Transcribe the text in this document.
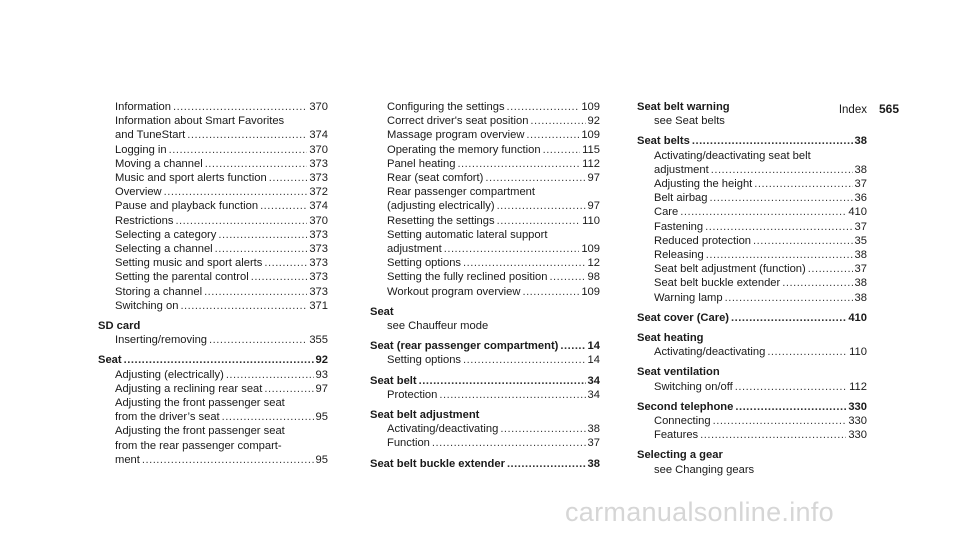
Index 565
Information .....	370
Information about Smart Favorites
and TuneStart .....	374
Logging in .....	370
Moving a channel .....	373
Music and sport alerts function .....	373
Overview .....	372
Pause and playback function .....	374
Restrictions .....	370
Selecting a category .....	373
Selecting a channel .....	373
Setting music and sport alerts .....	373
Setting the parental control .....	373
Storing a channel .....	373
Switching on .....	371
SD card
Inserting/removing .....	355
Seat .....	92
Adjusting (electrically) .....	93
Adjusting a reclining rear seat .....	97
Adjusting the front passenger seat
from the driver’s seat .....	95
Adjusting the front passenger seat
from the rear passenger compart-
ment .....	95
Configuring the settings .....	109
Correct driver's seat position .....	92
Massage program overview .....	109
Operating the memory function .....	115
Panel heating .....	112
Rear (seat comfort) .....	97
Rear passenger compartment
(adjusting electrically) .....	97
Resetting the settings .....	110
Setting automatic lateral support
adjustment .....	109
Setting options .....	12
Setting the fully reclined position .....	98
Workout program overview .....	109
Seat
see Chauffeur mode
Seat (rear passenger compartment) .....	14
Setting options .....	14
Seat belt .....	34
Protection .....	34
Seat belt adjustment
Activating/deactivating .....	38
Function .....	37
Seat belt buckle extender .....	38
Seat belt warning
see Seat belts
Seat belts .....	38
Activating/deactivating seat belt
adjustment .....	38
Adjusting the height .....	37
Belt airbag .....	36
Care .....	410
Fastening .....	37
Reduced protection .....	35
Releasing .....	38
Seat belt adjustment (function) .....	37
Seat belt buckle extender .....	38
Warning lamp .....	38
Seat cover (Care) .....	410
Seat heating
Activating/deactivating .....	110
Seat ventilation
Switching on/off .....	112
Second telephone .....	330
Connecting .....	330
Features .....	330
Selecting a gear
see Changing gears
carmanualsonline.info
